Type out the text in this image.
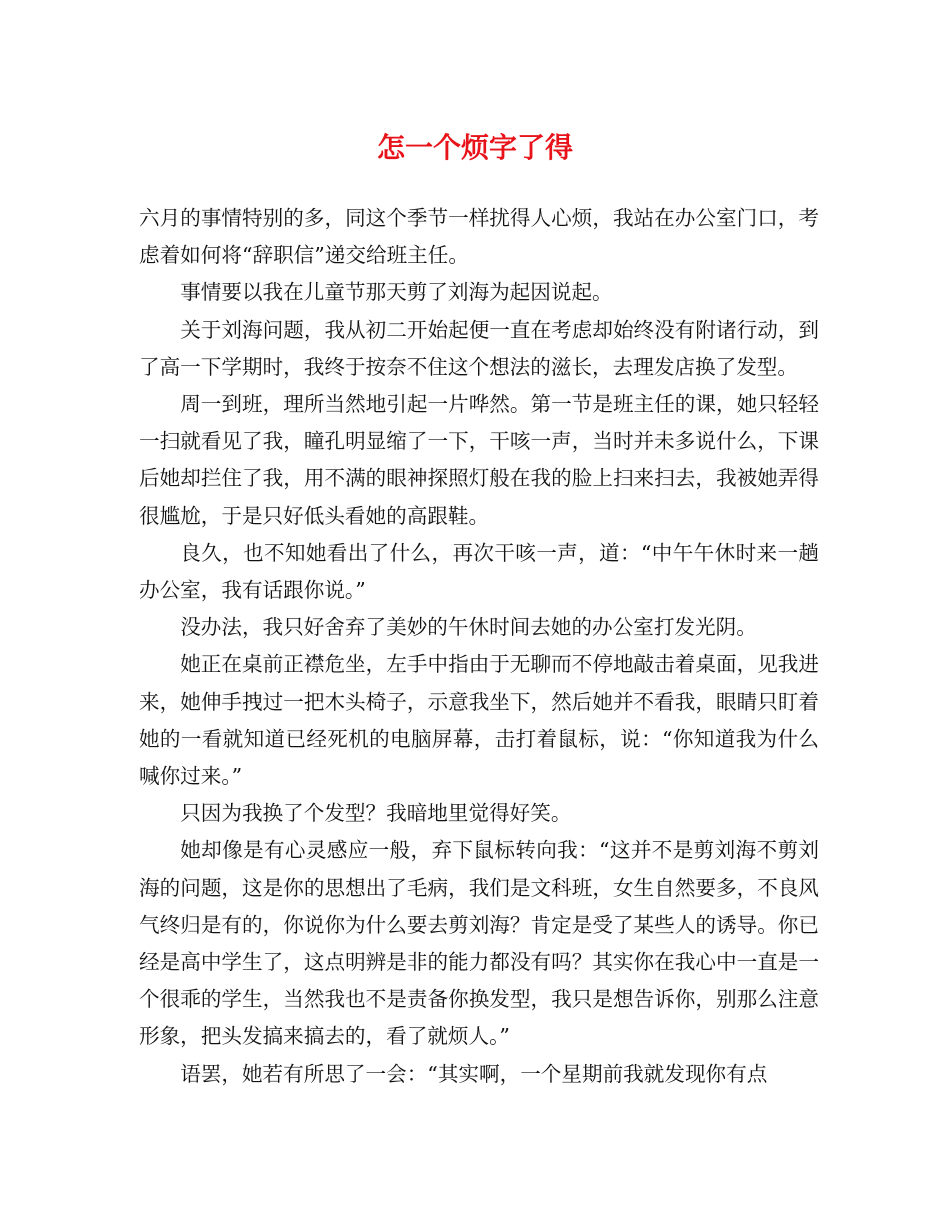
怎一个烦字了得

六月的事情特别的多，同这个季节一样扰得人心烦，我站在办公室门口，考虑着如何将“辞职信”递交给班主任。

事情要以我在儿童节那天剪了刘海为起因说起。

关于刘海问题，我从初二开始起便一直在考虑却始终没有附诸行动，到了高一下学期时，我终于按奈不住这个想法的滋长，去理发店换了发型。

周一到班，理所当然地引起一片哗然。第一节是班主任的课，她只轻轻一扫就看见了我，瞳孔明显缩了一下，干咳一声，当时并未多说什么，下课后她却拦住了我，用不满的眼神探照灯般在我的脸上扫来扫去，我被她弄得很尴尬，于是只好低头看她的高跟鞋。

良久，也不知她看出了什么，再次干咳一声，道：“中午午休时来一趟办公室，我有话跟你说。”

没办法，我只好舍弃了美妙的午休时间去她的办公室打发光阴。

她正在桌前正襟危坐，左手中指由于无聊而不停地敲击着桌面，见我进来，她伸手拽过一把木头椅子，示意我坐下，然后她并不看我，眼睛只盯着她的一看就知道已经死机的电脑屏幕，击打着鼠标，说：“你知道我为什么喊你过来。”

只因为我换了个发型？我暗地里觉得好笑。

她却像是有心灵感应一般，弃下鼠标转向我：“这并不是剪刘海不剪刘海的问题，这是你的思想出了毛病，我们是文科班，女生自然要多，不良风气终归是有的，你说你为什么要去剪刘海？肯定是受了某些人的诱导。你已经是高中学生了，这点明辨是非的能力都没有吗？其实你在我心中一直是一个很乖的学生，当然我也不是责备你换发型，我只是想告诉你，别那么注意形象，把头发搞来搞去的，看了就烦人。”

语罢，她若有所思了一会：“其实啊，一个星期前我就发现你有点
